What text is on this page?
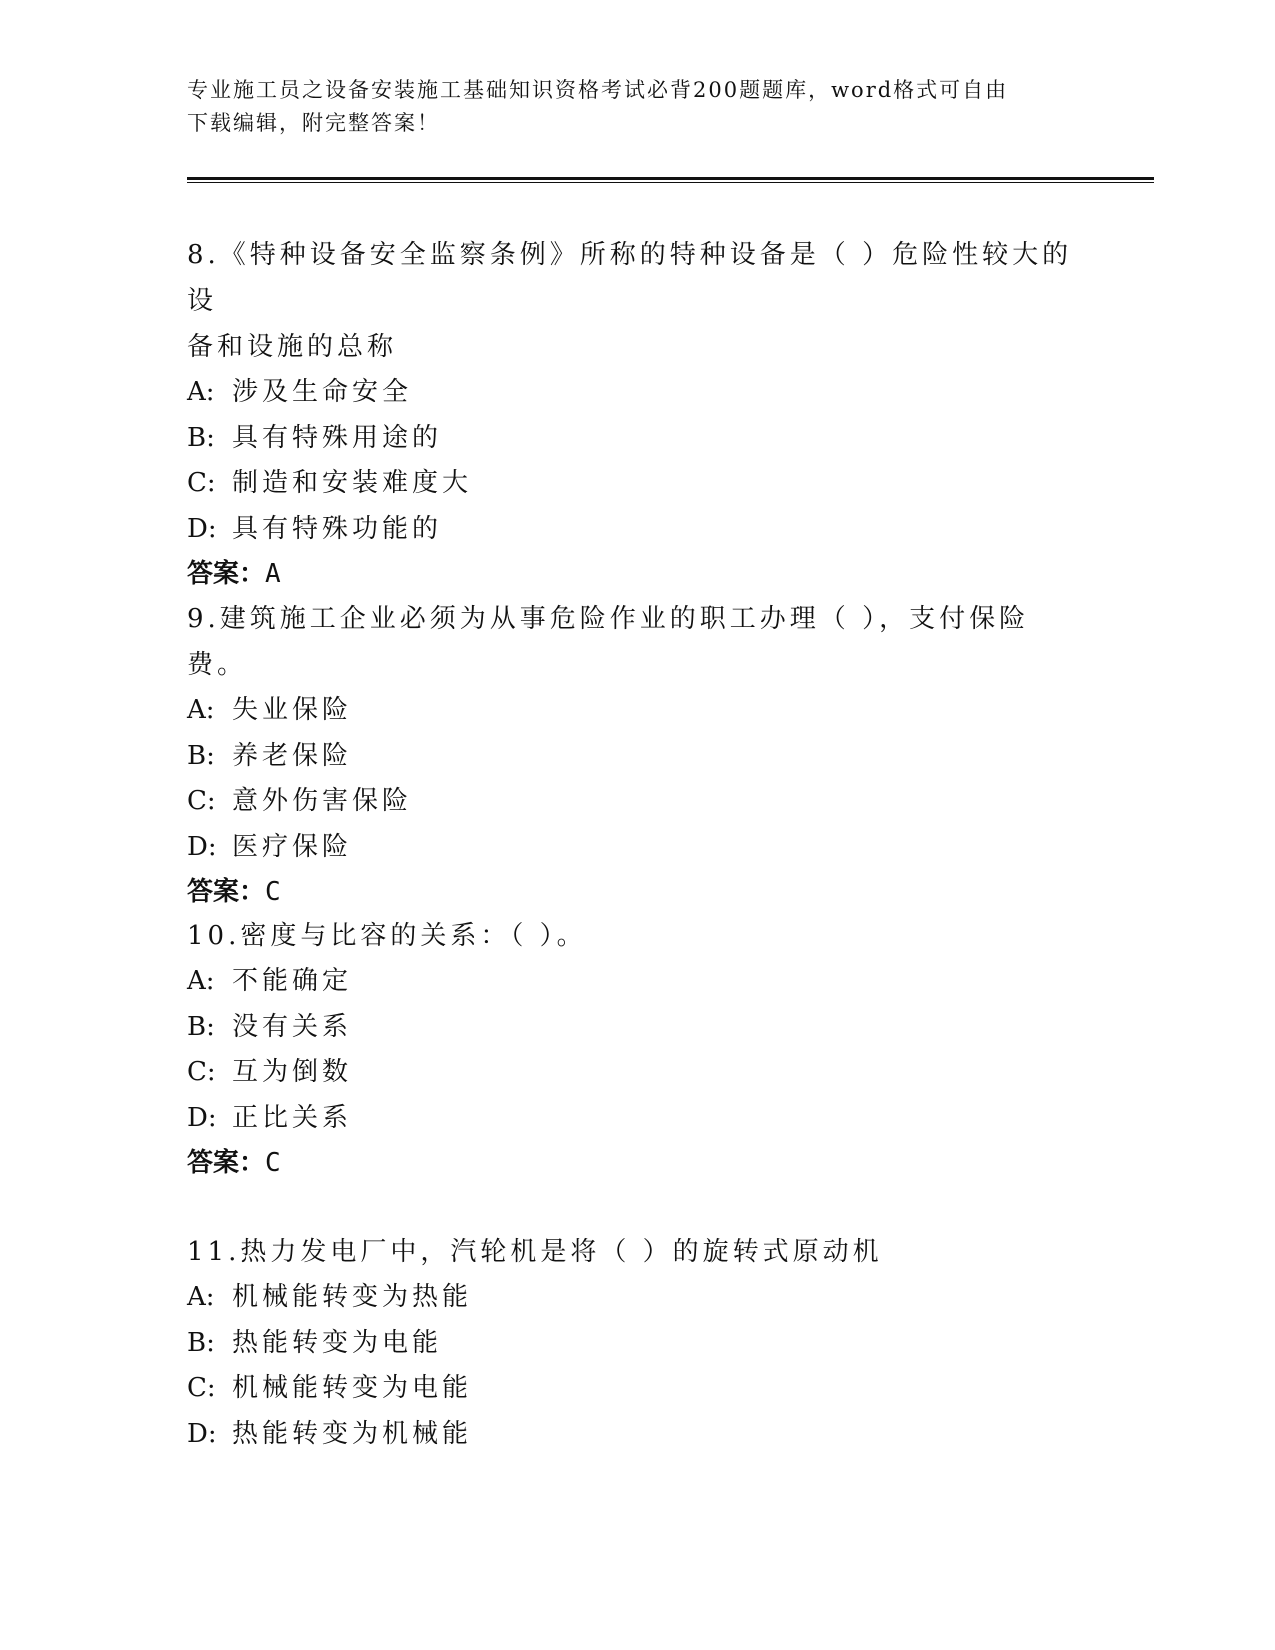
专业施工员之设备安装施工基础知识资格考试必背200题题库，word格式可自由
下载编辑，附完整答案！
8.《特种设备安全监察条例》所称的特种设备是（ ）危险性较大的设
备和设施的总称
A: 涉及生命安全
B: 具有特殊用途的
C: 制造和安装难度大
D: 具有特殊功能的
答案：A
9.建筑施工企业必须为从事危险作业的职工办理（ ），支付保险费。
A: 失业保险
B: 养老保险
C: 意外伤害保险
D: 医疗保险
答案：C
10.密度与比容的关系：（ ）。
A: 不能确定
B: 没有关系
C: 互为倒数
D: 正比关系
答案：C
11.热力发电厂中，汽轮机是将（ ）的旋转式原动机
A: 机械能转变为热能
B: 热能转变为电能
C: 机械能转变为电能
D: 热能转变为机械能
